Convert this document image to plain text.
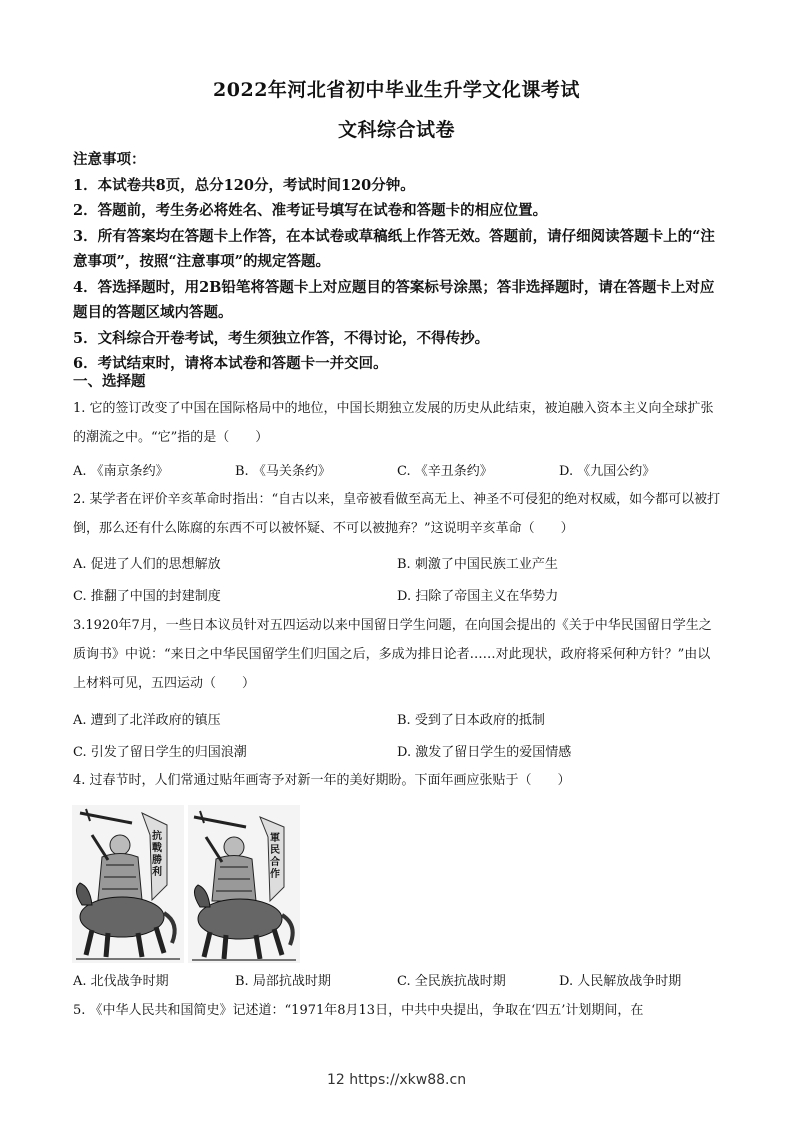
2022年河北省初中毕业生升学文化课考试
文科综合试卷
注意事项：
1．本试卷共8页，总分120分，考试时间120分钟。
2．答题前，考生务必将姓名、准考证号填写在试卷和答题卡的相应位置。
3．所有答案均在答题卡上作答，在本试卷或草稿纸上作答无效。答题前，请仔细阅读答题卡上的“注意事项”，按照“注意事项”的规定答题。
4．答选择题时，用2B铅笔将答题卡上对应题目的答案标号涂黑；答非选择题时，请在答题卡上对应题目的答题区域内答题。
5．文科综合开卷考试，考生须独立作答，不得讨论，不得传抄。
6．考试结束时，请将本试卷和答题卡一并交回。
一、选择题
1. 它的签订改变了中国在国际格局中的地位，中国长期独立发展的历史从此结束，被迫融入资本主义向全球扩张的潮流之中。“它”指的是（　　）
A. 《南京条约》	B. 《马关条约》	C. 《辛丑条约》	D. 《九国公约》
2. 某学者在评价辛亥革命时指出：“自古以来，皇帝被看做至高无上、神圣不可侵犯的绝对权威，如今都可以被打倒，那么还有什么陈腐的东西不可以被怀疑、不可以被抛弃？”这说明辛亥革命（　　）
A. 促进了人们的思想解放	B. 刺激了中国民族工业产生
C. 推翻了中国的封建制度	D. 扫除了帝国主义在华势力
3.1920年7月，一些日本议员针对五四运动以来中国留日学生问题，在向国会提出的《关于中华民国留日学生之质询书》中说：“来日之中华民国留学生们归国之后，多成为排日论者……对此现状，政府将采何种方针？”由以上材料可见，五四运动（　　）
A. 遭到了北洋政府的镇压	B. 受到了日本政府的抵制
C. 引发了留日学生的归国浪潮	D. 激发了留日学生的爱国情感
4. 过春节时，人们常通过贴年画寄予对新一年的美好期盼。下面年画应张贴于（　　）
抗戰勝利
軍民合作
A. 北伐战争时期	B. 局部抗战时期	C. 全民族抗战时期	D. 人民解放战争时期
5. 《中华人民共和国简史》记述道：“1971年8月13日，中共中央提出，争取在‘四五’计划期间，在
12 https://xkw88.cn
